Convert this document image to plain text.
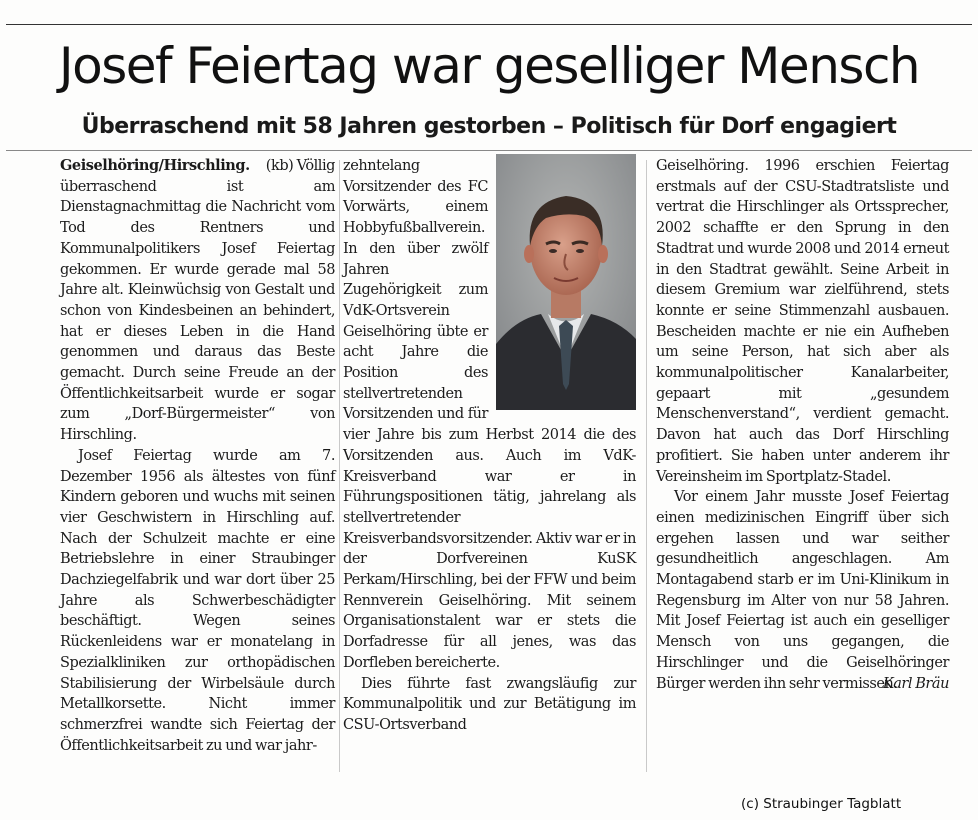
Josef Feiertag war geselliger Mensch
Überraschend mit 58 Jahren gestorben – Politisch für Dorf engagiert

Geiselhöring/Hirschling. (kb) Völlig überraschend ist am Dienstagnachmittag die Nachricht vom Tod des Rentners und Kommunalpolitikers Josef Feiertag gekommen. Er wurde gerade mal 58 Jahre alt. Kleinwüchsig von Gestalt und schon von Kindesbeinen an behindert, hat er dieses Leben in die Hand genommen und daraus das Beste gemacht. Durch seine Freude an der Öffentlichkeitsarbeit wurde er sogar zum „Dorf-Bürgermeister“ von Hirschling.

Josef Feiertag wurde am 7. Dezember 1956 als ältestes von fünf Kindern geboren und wuchs mit seinen vier Geschwistern in Hirschling auf. Nach der Schulzeit machte er eine Betriebslehre in einer Straubinger Dachziegelfabrik und war dort über 25 Jahre als Schwerbeschädigter beschäftigt. Wegen seines Rückenleidens war er monatelang in Spezialkliniken zur orthopädischen Stabilisierung der Wirbelsäule durch Metallkorsette. Nicht immer schmerzfrei wandte sich Feiertag der Öffentlichkeitsarbeit zu und war jahr-

zehntelang Vorsitzender des FC Vorwärts, einem Hobbyfußballverein. In den über zwölf Jahren Zugehörigkeit zum VdK-Ortsverein Geiselhöring übte er acht Jahre die Position des stellvertretenden Vorsitzenden und für vier Jahre bis zum Herbst 2014 die des Vorsitzenden aus. Auch im VdK-Kreisverband war er in Führungspositionen tätig, jahrelang als stellvertretender Kreisverbandsvorsitzender. Aktiv war er in der Dorfvereinen KuSK Perkam/Hirschling, bei der FFW und beim Rennverein Geiselhöring. Mit seinem Organisationstalent war er stets die Dorfadresse für all jenes, was das Dorfleben bereicherte.

Dies führte fast zwangsläufig zur Kommunalpolitik und zur Betätigung im CSU-Ortsverband

Geiselhöring. 1996 erschien Feiertag erstmals auf der CSU-Stadtratsliste und vertrat die Hirschlinger als Ortssprecher, 2002 schaffte er den Sprung in den Stadtrat und wurde 2008 und 2014 erneut in den Stadtrat gewählt. Seine Arbeit in diesem Gremium war zielführend, stets konnte er seine Stimmenzahl ausbauen. Bescheiden machte er nie ein Aufheben um seine Person, hat sich aber als kommunalpolitischer Kanalarbeiter, gepaart mit „gesundem Menschenverstand“, verdient gemacht. Davon hat auch das Dorf Hirschling profitiert. Sie haben unter anderem ihr Vereinsheim im Sportplatz-Stadel.

Vor einem Jahr musste Josef Feiertag einen medizinischen Eingriff über sich ergehen lassen und war seither gesundheitlich angeschlagen. Am Montagabend starb er im Uni-Klinikum in Regensburg im Alter von nur 58 Jahren. Mit Josef Feiertag ist auch ein geselliger Mensch von uns gegangen, die Hirschlinger und die Geiselhöringer Bürger werden ihn sehr vermissen.

Karl Bräu
(c) Straubinger Tagblatt
